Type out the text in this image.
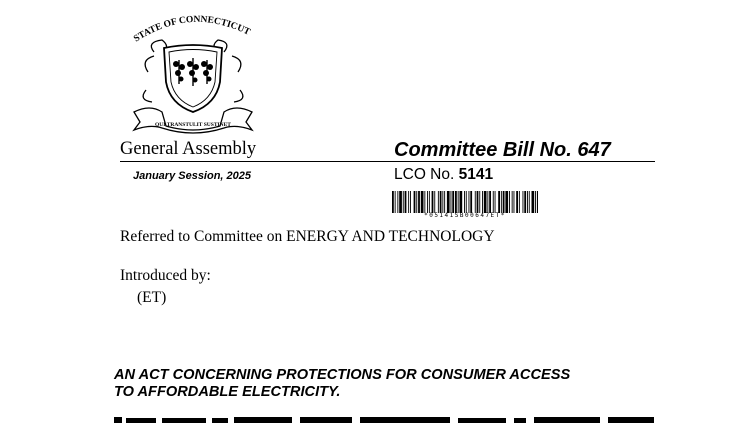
STATE OF CONNECTICUT
QUI TRANSTULIT SUSTINET
General Assembly	Committee Bill No. 647
January Session, 2025	LCO No. 5141
*05141SB00647ET*
Referred to Committee on ENERGY AND TECHNOLOGY
Introduced by:
(ET)
AN ACT CONCERNING PROTECTIONS FOR CONSUMER ACCESS
TO AFFORDABLE ELECTRICITY.
